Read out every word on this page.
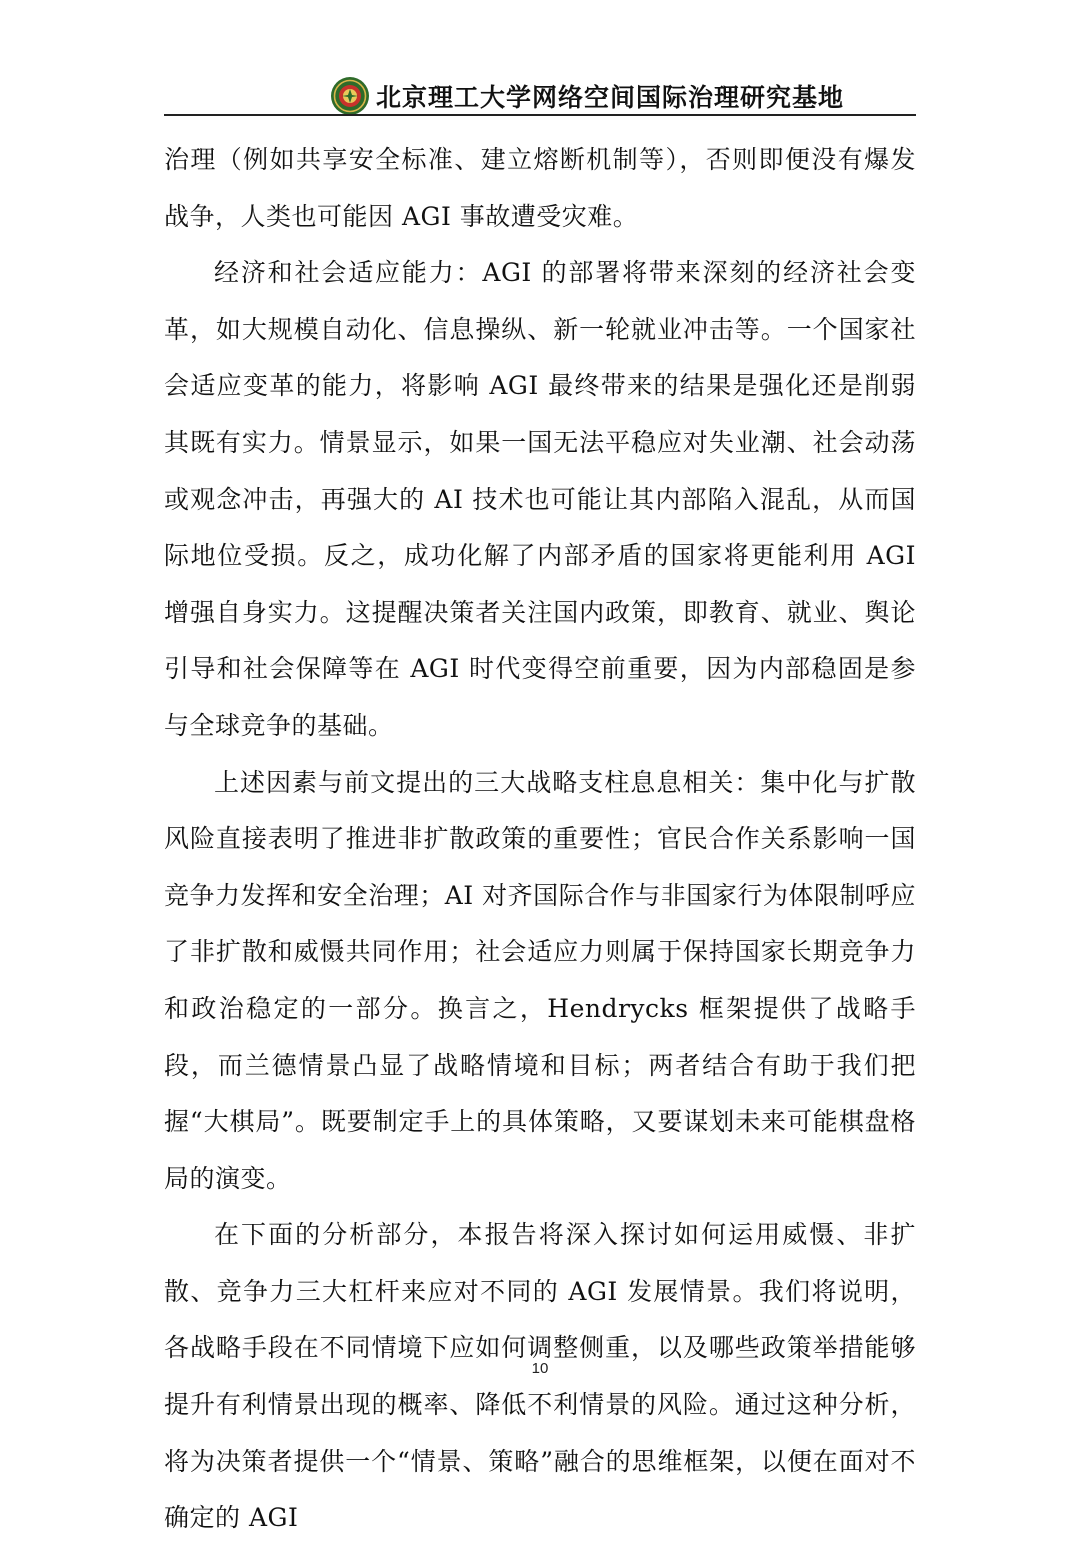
北京理工大学网络空间国际治理研究基地

治理（例如共享安全标准、建立熔断机制等），否则即便没有爆发战争，人类也可能因 AGI 事故遭受灾难。

经济和社会适应能力：AGI 的部署将带来深刻的经济社会变革，如大规模自动化、信息操纵、新一轮就业冲击等。一个国家社会适应变革的能力，将影响 AGI 最终带来的结果是强化还是削弱其既有实力。情景显示，如果一国无法平稳应对失业潮、社会动荡或观念冲击，再强大的 AI 技术也可能让其内部陷入混乱，从而国际地位受损。反之，成功化解了内部矛盾的国家将更能利用 AGI 增强自身实力。这提醒决策者关注国内政策，即教育、就业、舆论引导和社会保障等在 AGI 时代变得空前重要，因为内部稳固是参与全球竞争的基础。

上述因素与前文提出的三大战略支柱息息相关：集中化与扩散风险直接表明了推进非扩散政策的重要性；官民合作关系影响一国竞争力发挥和安全治理；AI 对齐国际合作与非国家行为体限制呼应了非扩散和威慑共同作用；社会适应力则属于保持国家长期竞争力和政治稳定的一部分。换言之，Hendrycks 框架提供了战略手段，而兰德情景凸显了战略情境和目标；两者结合有助于我们把握“大棋局”。既要制定手上的具体策略，又要谋划未来可能棋盘格局的演变。

在下面的分析部分，本报告将深入探讨如何运用威慑、非扩散、竞争力三大杠杆来应对不同的 AGI 发展情景。我们将说明，各战略手段在不同情境下应如何调整侧重，以及哪些政策举措能够提升有利情景出现的概率、降低不利情景的风险。通过这种分析，将为决策者提供一个“情景、策略”融合的思维框架，以便在面对不确定的 AGI

10
